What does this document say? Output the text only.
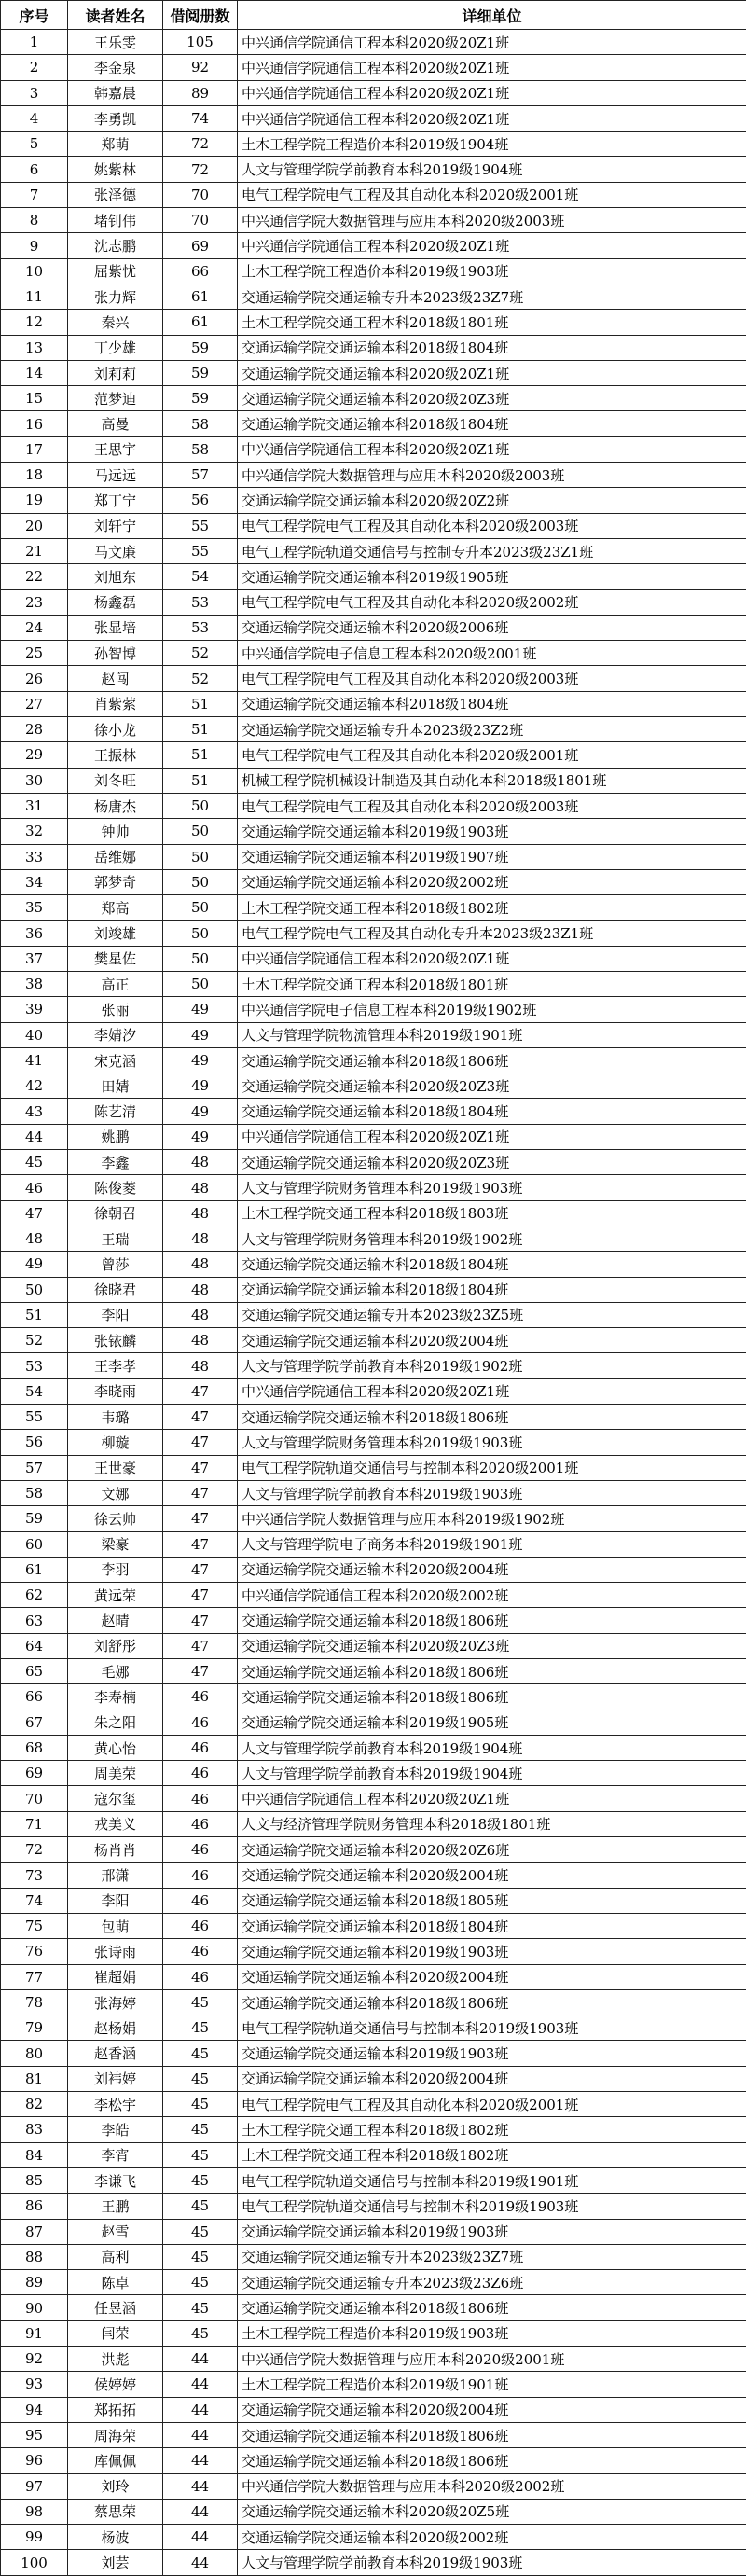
序号	读者姓名	借阅册数	详细单位
1	王乐雯	105	中兴通信学院通信工程本科2020级20Z1班
2	李金泉	92	中兴通信学院通信工程本科2020级20Z1班
3	韩嘉晨	89	中兴通信学院通信工程本科2020级20Z1班
4	李勇凯	74	中兴通信学院通信工程本科2020级20Z1班
5	郑萌	72	土木工程学院工程造价本科2019级1904班
6	姚紫林	72	人文与管理学院学前教育本科2019级1904班
7	张泽德	70	电气工程学院电气工程及其自动化本科2020级2001班
8	堵钊伟	70	中兴通信学院大数据管理与应用本科2020级2003班
9	沈志鹏	69	中兴通信学院通信工程本科2020级20Z1班
10	屈紫忧	66	土木工程学院工程造价本科2019级1903班
11	张力辉	61	交通运输学院交通运输专升本2023级23Z7班
12	秦兴	61	土木工程学院交通工程本科2018级1801班
13	丁少雄	59	交通运输学院交通运输本科2018级1804班
14	刘莉莉	59	交通运输学院交通运输本科2020级20Z1班
15	范梦迪	59	交通运输学院交通运输本科2020级20Z3班
16	高曼	58	交通运输学院交通运输本科2018级1804班
17	王思宇	58	中兴通信学院通信工程本科2020级20Z1班
18	马远远	57	中兴通信学院大数据管理与应用本科2020级2003班
19	郑丁宁	56	交通运输学院交通运输本科2020级20Z2班
20	刘轩宁	55	电气工程学院电气工程及其自动化本科2020级2003班
21	马文廉	55	电气工程学院轨道交通信号与控制专升本2023级23Z1班
22	刘旭东	54	交通运输学院交通运输本科2019级1905班
23	杨鑫磊	53	电气工程学院电气工程及其自动化本科2020级2002班
24	张显培	53	交通运输学院交通运输本科2020级2006班
25	孙智博	52	中兴通信学院电子信息工程本科2020级2001班
26	赵闯	52	电气工程学院电气工程及其自动化本科2020级2003班
27	肖紫萦	51	交通运输学院交通运输本科2018级1804班
28	徐小龙	51	交通运输学院交通运输专升本2023级23Z2班
29	王振林	51	电气工程学院电气工程及其自动化本科2020级2001班
30	刘冬旺	51	机械工程学院机械设计制造及其自动化本科2018级1801班
31	杨唐杰	50	电气工程学院电气工程及其自动化本科2020级2003班
32	钟帅	50	交通运输学院交通运输本科2019级1903班
33	岳维娜	50	交通运输学院交通运输本科2019级1907班
34	郭梦奇	50	交通运输学院交通运输本科2020级2002班
35	郑高	50	土木工程学院交通工程本科2018级1802班
36	刘竣雄	50	电气工程学院电气工程及其自动化专升本2023级23Z1班
37	樊星佐	50	中兴通信学院通信工程本科2020级20Z1班
38	高正	50	土木工程学院交通工程本科2018级1801班
39	张丽	49	中兴通信学院电子信息工程本科2019级1902班
40	李婧汐	49	人文与管理学院物流管理本科2019级1901班
41	宋克涵	49	交通运输学院交通运输本科2018级1806班
42	田婧	49	交通运输学院交通运输本科2020级20Z3班
43	陈艺清	49	交通运输学院交通运输本科2018级1804班
44	姚鹏	49	中兴通信学院通信工程本科2020级20Z1班
45	李鑫	48	交通运输学院交通运输本科2020级20Z3班
46	陈俊菱	48	人文与管理学院财务管理本科2019级1903班
47	徐朝召	48	土木工程学院交通工程本科2018级1803班
48	王瑞	48	人文与管理学院财务管理本科2019级1902班
49	曾莎	48	交通运输学院交通运输本科2018级1804班
50	徐晓君	48	交通运输学院交通运输本科2018级1804班
51	李阳	48	交通运输学院交通运输专升本2023级23Z5班
52	张铱麟	48	交通运输学院交通运输本科2020级2004班
53	王李孝	48	人文与管理学院学前教育本科2019级1902班
54	李晓雨	47	中兴通信学院通信工程本科2020级20Z1班
55	韦璐	47	交通运输学院交通运输本科2018级1806班
56	柳璇	47	人文与管理学院财务管理本科2019级1903班
57	王世豪	47	电气工程学院轨道交通信号与控制本科2020级2001班
58	文娜	47	人文与管理学院学前教育本科2019级1903班
59	徐云帅	47	中兴通信学院大数据管理与应用本科2019级1902班
60	梁豪	47	人文与管理学院电子商务本科2019级1901班
61	李羽	47	交通运输学院交通运输本科2020级2004班
62	黄远荣	47	中兴通信学院通信工程本科2020级2002班
63	赵晴	47	交通运输学院交通运输本科2018级1806班
64	刘舒彤	47	交通运输学院交通运输本科2020级20Z3班
65	毛娜	47	交通运输学院交通运输本科2018级1806班
66	李寿楠	46	交通运输学院交通运输本科2018级1806班
67	朱之阳	46	交通运输学院交通运输本科2019级1905班
68	黄心怡	46	人文与管理学院学前教育本科2019级1904班
69	周美荣	46	人文与管理学院学前教育本科2019级1904班
70	寇尔玺	46	中兴通信学院通信工程本科2020级20Z1班
71	戎美义	46	人文与经济管理学院财务管理本科2018级1801班
72	杨肖肖	46	交通运输学院交通运输本科2020级20Z6班
73	邢潇	46	交通运输学院交通运输本科2020级2004班
74	李阳	46	交通运输学院交通运输本科2018级1805班
75	包萌	46	交通运输学院交通运输本科2018级1804班
76	张诗雨	46	交通运输学院交通运输本科2019级1903班
77	崔超娟	46	交通运输学院交通运输本科2020级2004班
78	张海婷	45	交通运输学院交通运输本科2018级1806班
79	赵杨娟	45	电气工程学院轨道交通信号与控制本科2019级1903班
80	赵香涵	45	交通运输学院交通运输本科2019级1903班
81	刘袆婷	45	交通运输学院交通运输本科2020级2004班
82	李松宇	45	电气工程学院电气工程及其自动化本科2020级2001班
83	李皓	45	土木工程学院交通工程本科2018级1802班
84	李宵	45	土木工程学院交通工程本科2018级1802班
85	李谦飞	45	电气工程学院轨道交通信号与控制本科2019级1901班
86	王鹏	45	电气工程学院轨道交通信号与控制本科2019级1903班
87	赵雪	45	交通运输学院交通运输本科2019级1903班
88	高利	45	交通运输学院交通运输专升本2023级23Z7班
89	陈卓	45	交通运输学院交通运输专升本2023级23Z6班
90	任昱涵	45	交通运输学院交通运输本科2018级1806班
91	闫荣	45	土木工程学院工程造价本科2019级1903班
92	洪彪	44	中兴通信学院大数据管理与应用本科2020级2001班
93	侯婷婷	44	土木工程学院工程造价本科2019级1901班
94	郑拓拓	44	交通运输学院交通运输本科2020级2004班
95	周海荣	44	交通运输学院交通运输本科2018级1806班
96	库佩佩	44	交通运输学院交通运输本科2018级1806班
97	刘玲	44	中兴通信学院大数据管理与应用本科2020级2002班
98	蔡思荣	44	交通运输学院交通运输本科2020级20Z5班
99	杨波	44	交通运输学院交通运输本科2020级2002班
100	刘芸	44	人文与管理学院学前教育本科2019级1903班
